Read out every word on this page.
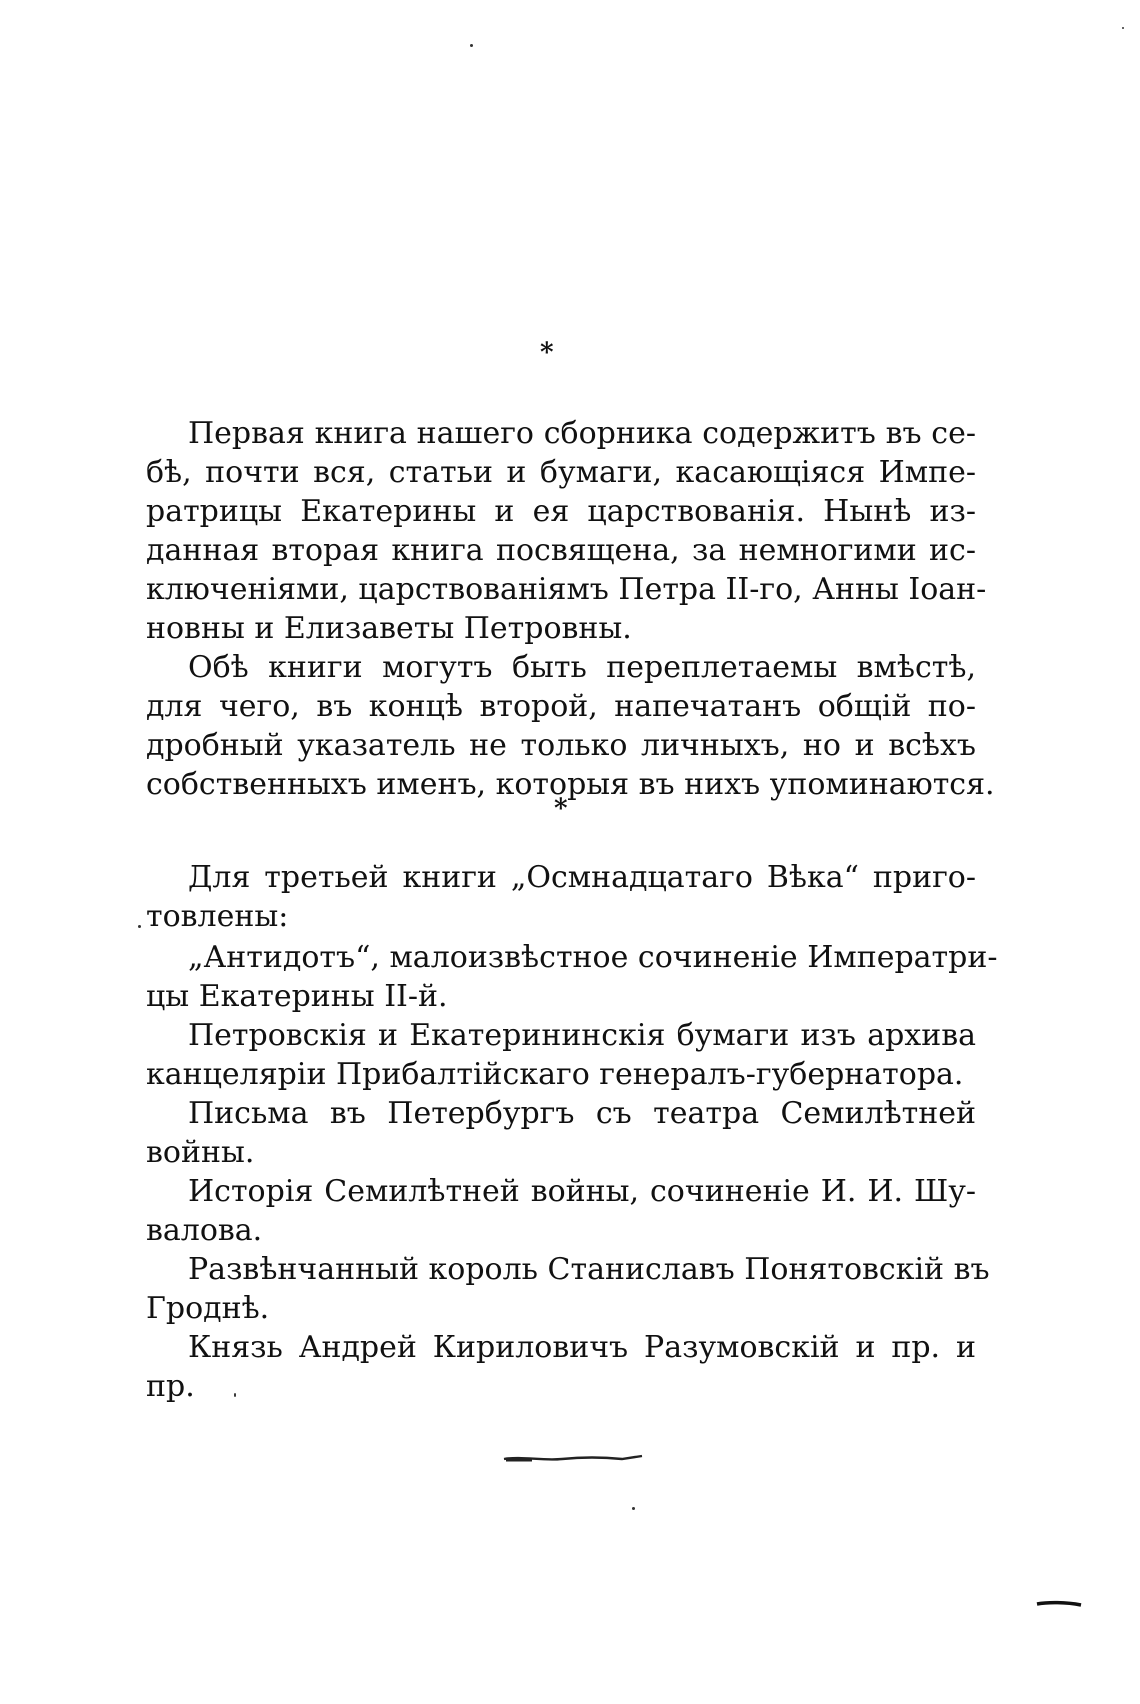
*
Первая книга нашего сборника содержитъ въ се-
бѣ, почти вся, статьи и бумаги, касающіяся Импе-
ратрицы Екатерины и ея царствованія. Нынѣ из-
данная вторая книга посвящена, за немногими ис-
ключеніями, царствованіямъ Петра II-го, Анны Іоан-
новны и Елизаветы Петровны.
Обѣ книги могутъ быть переплетаемы вмѣстѣ,
для чего, въ концѣ второй, напечатанъ общій по-
дробный указатель не только личныхъ, но и всѣхъ
собственныхъ именъ, которыя въ нихъ упоминаются.
*
Для третьей книги „Осмнадцатаго Вѣка“ приго-
товлены:
„Антидотъ“, малоизвѣстное сочиненіе Императри-
цы Екатерины II-й.
Петровскія и Екатерининскія бумаги изъ архива
канцеляріи Прибалтійскаго генералъ-губернатора.
Письма въ Петербургъ съ театра Семилѣтней
войны.
Исторія Семилѣтней войны, сочиненіе И. И. Шу-
валова.
Развѣнчанный король Станиславъ Понятовскій въ
Гроднѣ.
Князь Андрей Кириловичъ Разумовскій и пр. и
пр.
